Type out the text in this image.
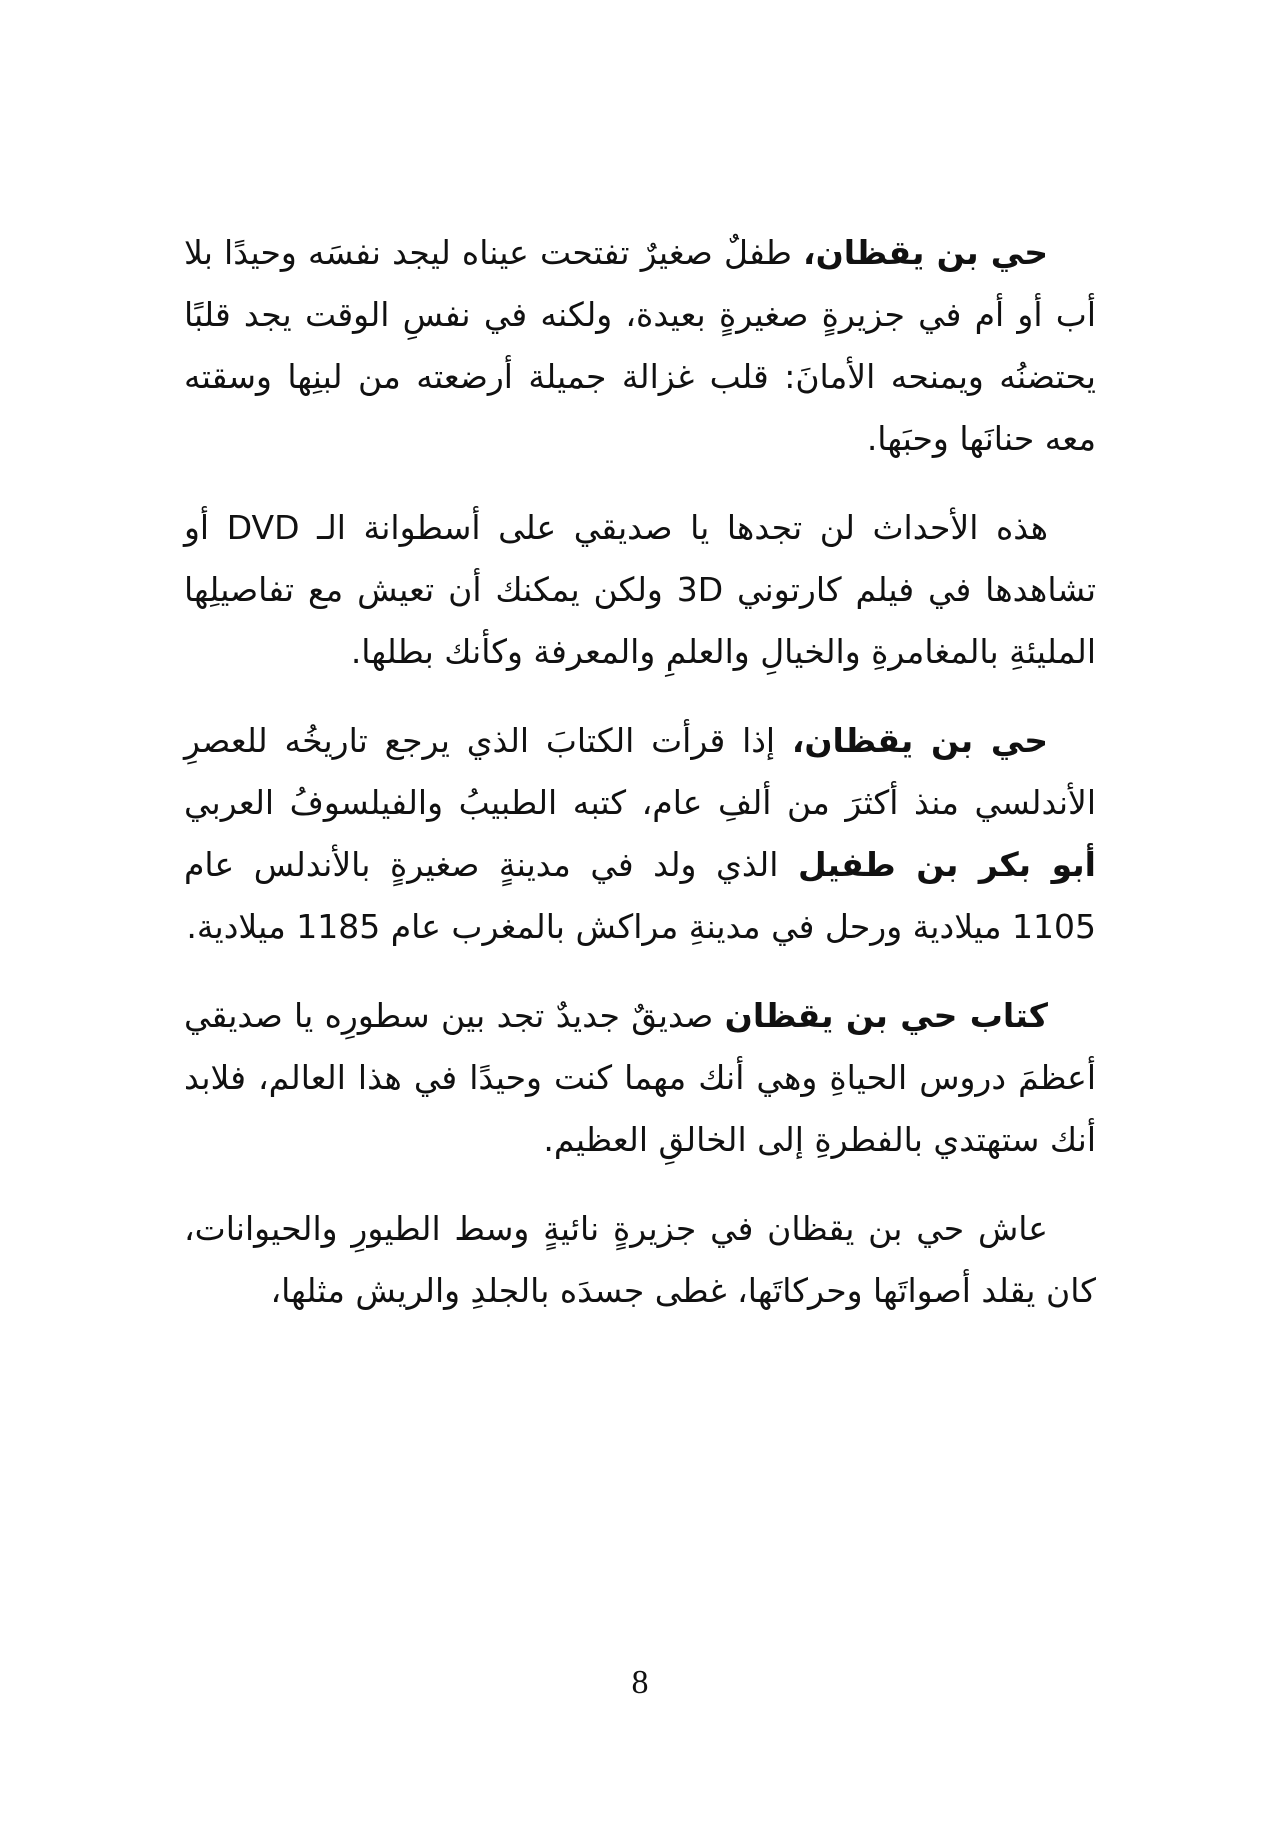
حي بن يقظان، طفلٌ صغيرٌ تفتحت عيناه ليجد نفسَه وحيدًا بلا أب أو أم في جزيرةٍ صغيرةٍ بعيدة، ولكنه في نفسِ الوقت يجد قلبًا يحتضنُه ويمنحه الأمانَ: قلب غزالة جميلة أرضعته من لبنِها وسقته معه حنانَها وحبَها.

هذه الأحداث لن تجدها يا صديقي على أسطوانة الـ DVD أو تشاهدها في فيلم كارتوني 3D ولكن يمكنك أن تعيش مع تفاصيلِها المليئةِ بالمغامرةِ والخيالِ والعلمِ والمعرفة وكأنك بطلها.

حي بن يقظان، إذا قرأت الكتابَ الذي يرجع تاريخُه للعصرِ الأندلسي منذ أكثرَ من ألفِ عام، كتبه الطبيبُ والفيلسوفُ العربي أبو بكر بن طفيل الذي ولد في مدينةٍ صغيرةٍ بالأندلس عام 1105 ميلادية ورحل في مدينةِ مراكش بالمغرب عام 1185 ميلادية.

كتاب حي بن يقظان صديقٌ جديدٌ تجد بين سطورِه يا صديقي أعظمَ دروس الحياةِ وهي أنك مهما كنت وحيدًا في هذا العالم، فلابد أنك ستهتدي بالفطرةِ إلى الخالقِ العظيم.

عاش حي بن يقظان في جزيرةٍ نائيةٍ وسط الطيورِ والحيوانات، كان يقلد أصواتَها وحركاتَها، غطى جسدَه بالجلدِ والريش مثلها،

8
